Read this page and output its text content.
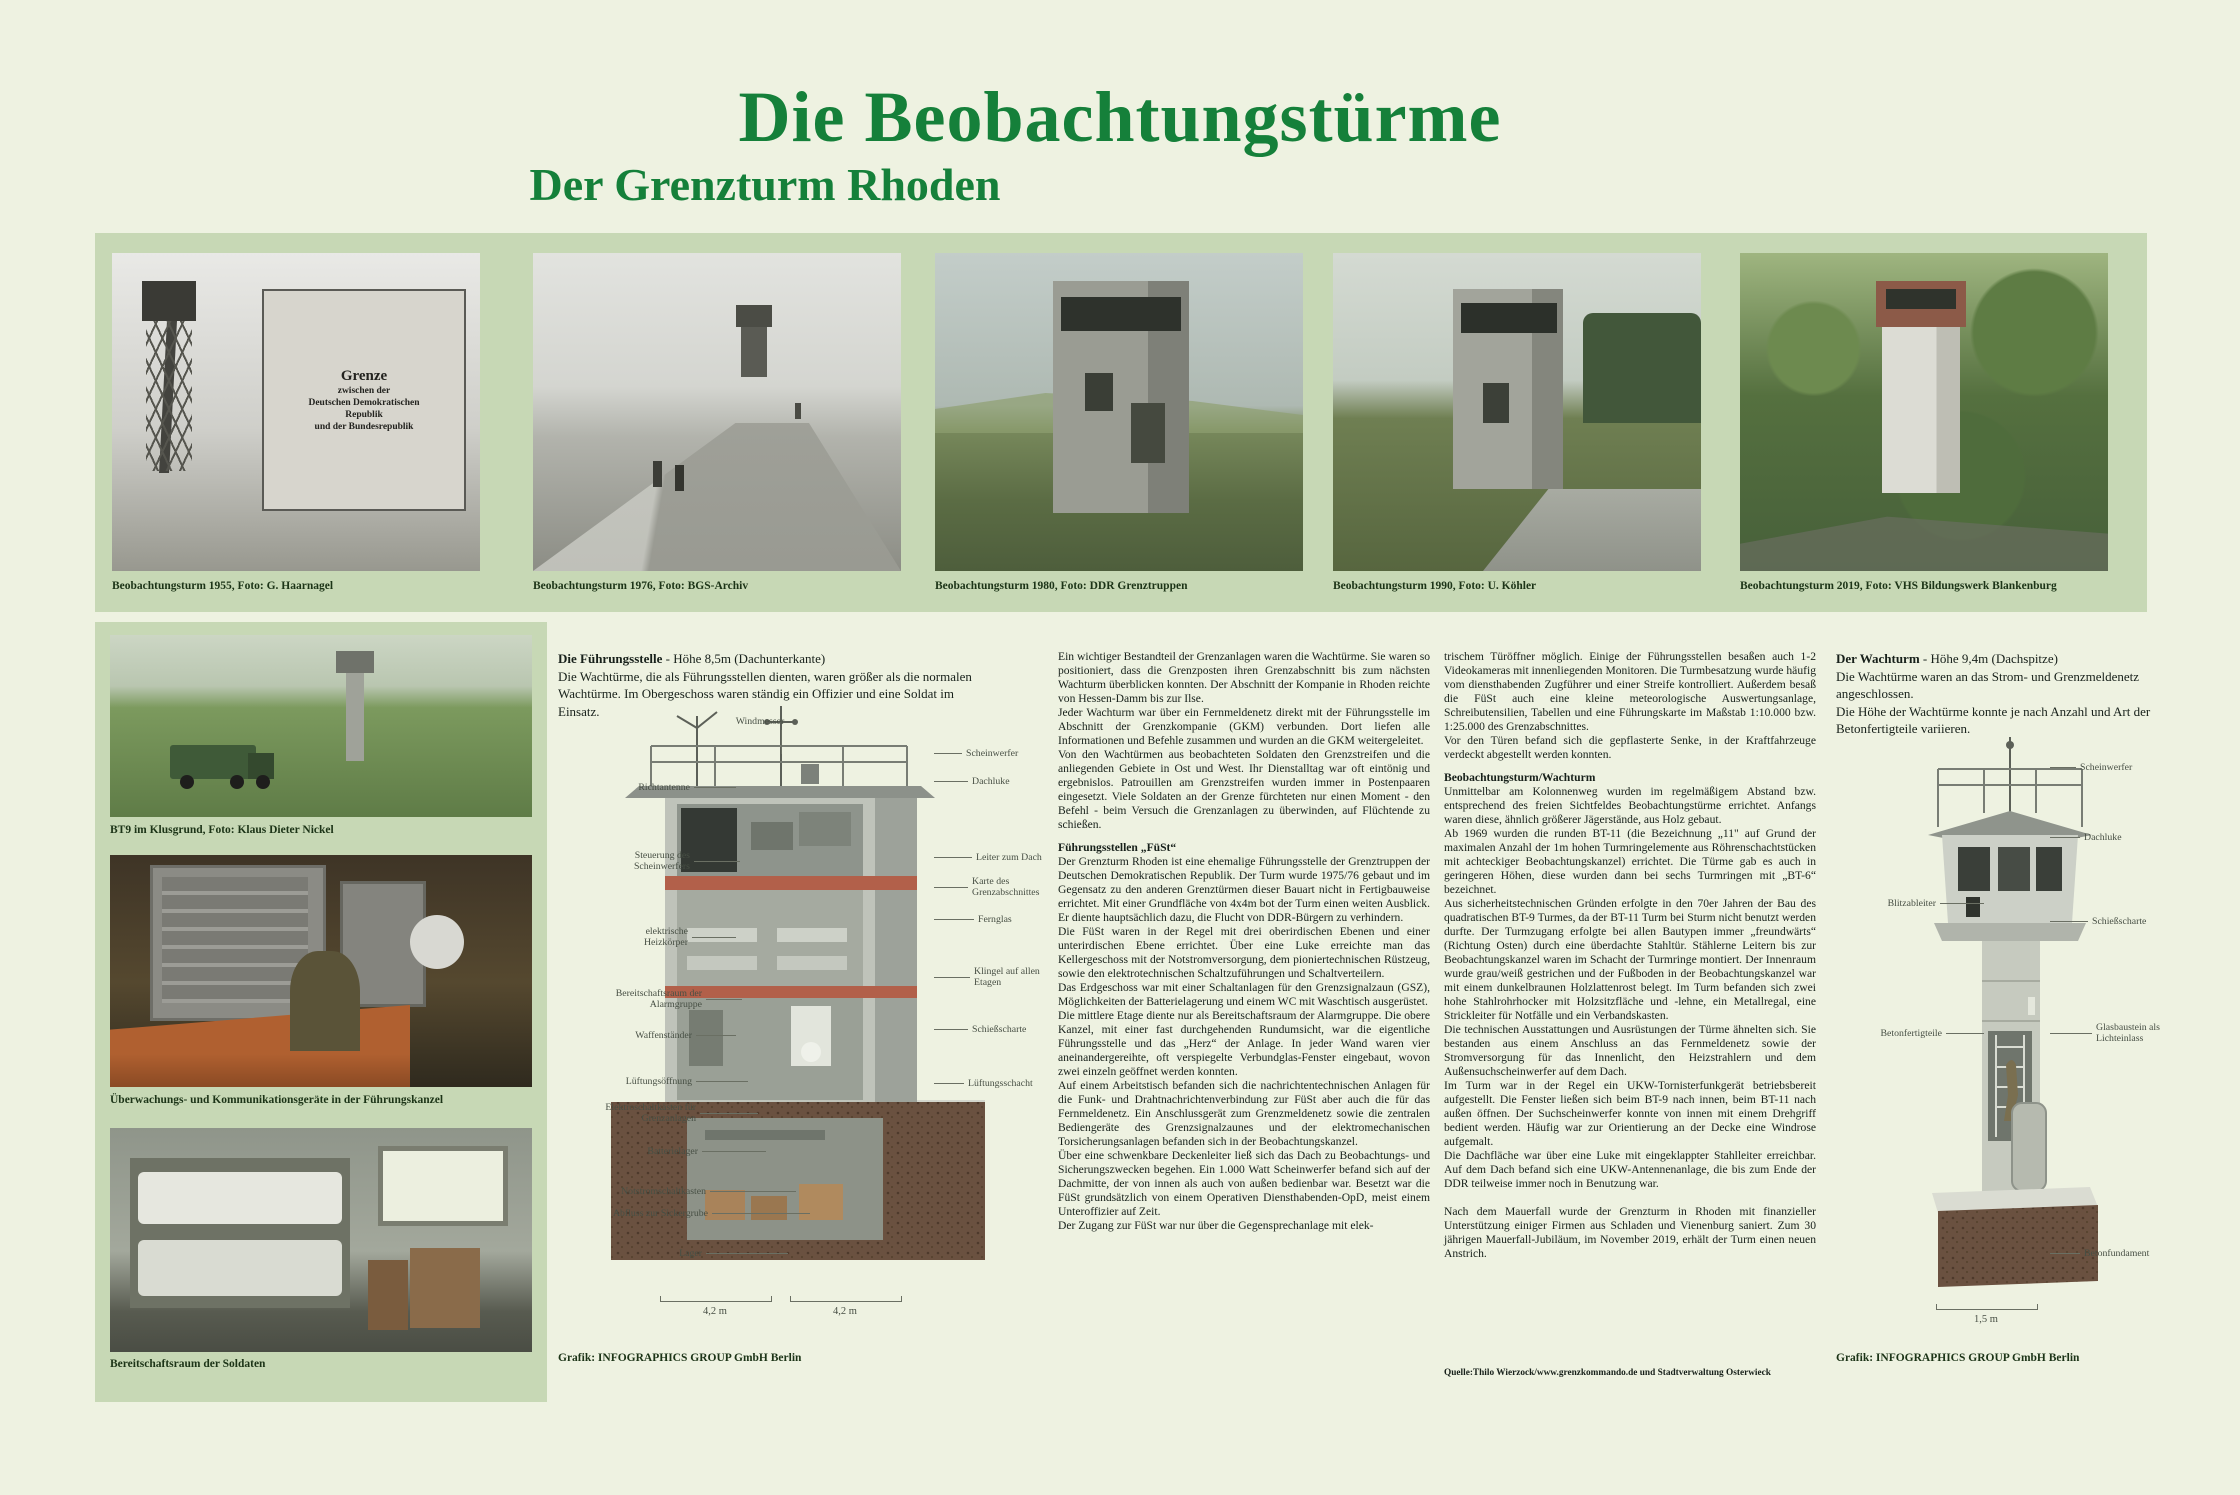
Die Beobachtungstürme
Der Grenzturm Rhoden
Grenze
zwischen der
Deutschen Demokratischen
Republik
und der Bundesrepublik
Beobachtungsturm 1955, Foto: G. Haarnagel	Beobachtungsturm 1976, Foto: BGS-Archiv	Beobachtungsturm 1980, Foto: DDR Grenztruppen	Beobachtungsturm 1990, Foto: U. Köhler	Beobachtungsturm 2019, Foto: VHS Bildungswerk Blankenburg
BT9 im Klusgrund, Foto: Klaus Dieter Nickel
Überwachungs- und Kommunikationsgeräte in der Führungskanzel
Bereitschaftsraum der Soldaten
Die Führungsstelle - Höhe 8,5m (Dachunterkante)
Die Wachtürme, die als Führungsstellen dienten, waren größer als die normalen Wachtürme. Im Obergeschoss waren ständig ein Offizier und eine Soldat im Einsatz.
Windmesser
Richtantenne
Steuerung des Scheinwerfers
elektrische Heizkörper
Bereitschaftsraum der Alarmgruppe
Waffenständer
Lüftungsöffnung
Elektroschaltkästen für Grenzanlagen
Batterielager
Notstromschaltkasten
Abfluss zur Sickergrube
Lager
Scheinwerfer
Dachluke
Leiter zum Dach
Karte des Grenzabschnittes
Fernglas
Klingel auf allen Etagen
Schießscharte
Lüftungsschacht
4,2 m	4,2 m
Grafik: INFOGRAPHICS GROUP GmbH Berlin

Ein wichtiger Bestandteil der Grenzanlagen waren die Wachtürme. Sie waren so positioniert, dass die Grenzposten ihren Grenzabschnitt bis zum nächsten Wachturm überblicken konnten. Der Abschnitt der Kompanie in Rhoden reichte von Hessen-Damm bis zur Ilse.

Jeder Wachturm war über ein Fernmeldenetz direkt mit der Führungsstelle im Abschnitt der Grenzkompanie (GKM) verbunden. Dort liefen alle Informationen und Befehle zusammen und wurden an die GKM weitergeleitet.

Von den Wachtürmen aus beobachteten Soldaten den Grenzstreifen und die anliegenden Gebiete in Ost und West. Ihr Dienstalltag war oft eintönig und ergebnislos. Patrouillen am Grenzstreifen wurden immer in Postenpaaren eingesetzt. Viele Soldaten an der Grenze fürchteten nur einen Moment - den Befehl - beim Versuch die Grenzanlagen zu überwinden, auf Flüchtende zu schießen.

Führungsstellen „FüSt“

Der Grenzturm Rhoden ist eine ehemalige Führungsstelle der Grenztruppen der Deutschen Demokratischen Republik. Der Turm wurde 1975/76 gebaut und im Gegensatz zu den anderen Grenztürmen dieser Bauart nicht in Fertigbauweise errichtet. Mit einer Grundfläche von 4x4m bot der Turm einen weiten Ausblick. Er diente hauptsächlich dazu, die Flucht von DDR-Bürgern zu verhindern.

Die FüSt waren in der Regel mit drei oberirdischen Ebenen und einer unterirdischen Ebene errichtet. Über eine Luke erreichte man das Kellergeschoss mit der Notstromversorgung, dem pioniertechnischen Rüstzeug, sowie den elektrotechnischen Schaltzuführungen und Schaltverteilern.

Das Erdgeschoss war mit einer Schaltanlagen für den Grenzsignalzaun (GSZ), Möglichkeiten der Batterielagerung und einem WC mit Waschtisch ausgerüstet.

Die mittlere Etage diente nur als Bereitschaftsraum der Alarmgruppe. Die obere Kanzel, mit einer fast durchgehenden Rundumsicht, war die eigentliche Führungsstelle und das „Herz“ der Anlage. In jeder Wand waren vier aneinandergereihte, oft verspiegelte Verbundglas-Fenster eingebaut, wovon zwei einzeln geöffnet werden konnten.

Auf einem Arbeitstisch befanden sich die nachrichtentechnischen Anlagen für die Funk- und Drahtnachrichtenverbindung zur FüSt aber auch die für das Fernmeldenetz. Ein Anschlussgerät zum Grenzmeldenetz sowie die zentralen Bediengeräte des Grenzsignalzaunes und der elektromechanischen Torsicherungsanlagen befanden sich in der Beobachtungskanzel.

Über eine schwenkbare Deckenleiter ließ sich das Dach zu Beobachtungs- und Sicherungszwecken begehen. Ein 1.000 Watt Scheinwerfer befand sich auf der Dachmitte, der von innen als auch von außen bedienbar war. Besetzt war die FüSt grundsätzlich von einem Operativen Diensthabenden-OpD, meist einem Unteroffizier auf Zeit.

Der Zugang zur FüSt war nur über die Gegensprechanlage mit elek-

trischem Türöffner möglich. Einige der Führungsstellen besaßen auch 1-2 Videokameras mit innenliegenden Monitoren. Die Turmbesatzung wurde häufig vom diensthabenden Zugführer und einer Streife kontrolliert. Außerdem besaß die FüSt auch eine kleine meteorologische Auswertungsanlage, Schreibutensilien, Tabellen und eine Führungskarte im Maßstab 1:10.000 bzw. 1:25.000 des Grenzabschnittes.

Vor den Türen befand sich die gepflasterte Senke, in der Kraftfahrzeuge verdeckt abgestellt werden konnten.

Beobachtungsturm/Wachturm

Unmittelbar am Kolonnenweg wurden im regelmäßigem Abstand bzw. entsprechend des freien Sichtfeldes Beobachtungstürme errichtet. Anfangs waren diese, ähnlich größerer Jägerstände, aus Holz gebaut.

Ab 1969 wurden die runden BT-11 (die Bezeichnung „11" auf Grund der maximalen Anzahl der 1m hohen Turmringelemente aus Röhrenschachtstücken mit achteckiger Beobachtungskanzel) errichtet. Die Türme gab es auch in geringeren Höhen, diese wurden dann bei sechs Turmringen mit „BT-6“ bezeichnet.

Aus sicherheitstechnischen Gründen erfolgte in den 70er Jahren der Bau des quadratischen BT-9 Turmes, da der BT-11 Turm bei Sturm nicht benutzt werden durfte. Der Turmzugang erfolgte bei allen Bautypen immer „freundwärts“ (Richtung Osten) durch eine überdachte Stahltür. Stählerne Leitern bis zur Beobachtungskanzel waren im Schacht der Turmringe montiert. Der Innenraum wurde grau/weiß gestrichen und der Fußboden in der Beobachtungskanzel war mit einem dunkelbraunen Holzlattenrost belegt. Im Turm befanden sich zwei hohe Stahlrohrhocker mit Holzsitzfläche und -lehne, ein Metallregal, eine Strickleiter für Notfälle und ein Verbandskasten.

Die technischen Ausstattungen und Ausrüstungen der Türme ähnelten sich. Sie bestanden aus einem Anschluss an das Fernmeldenetz sowie der Stromversorgung für das Innenlicht, den Heizstrahlern und dem Außensuchscheinwerfer auf dem Dach.

Im Turm war in der Regel ein UKW-Tornisterfunkgerät betriebsbereit aufgestellt. Die Fenster ließen sich beim BT-9 nach innen, beim BT-11 nach außen öffnen. Der Suchscheinwerfer konnte von innen mit einem Drehgriff bedient werden. Häufig war zur Orientierung an der Decke eine Windrose aufgemalt.

Die Dachfläche war über eine Luke mit eingeklappter Stahlleiter erreichbar. Auf dem Dach befand sich eine UKW-Antennenanlage, die bis zum Ende der DDR teilweise immer noch in Benutzung war.

Nach dem Mauerfall wurde der Grenzturm in Rhoden mit finanzieller Unterstützung einiger Firmen aus Schladen und Vienenburg saniert. Zum 30 jährigen Mauerfall-Jubiläum, im November 2019, erhält der Turm einen neuen Anstrich.

Quelle:Thilo Wierzock/www.grenzkommando.de und Stadtverwaltung Osterwieck
Der Wachturm - Höhe 9,4m (Dachspitze)
Die Wachtürme waren an das Strom- und Grenzmeldenetz angeschlossen.
Die Höhe der Wachtürme konnte je nach Anzahl und Art der Betonfertigteile variieren.
Scheinwerfer
Dachluke
Schießscharte
Glasbaustein als Lichteinlass
Betonfundament
Blitzableiter
Betonfertigteile
1,5 m
Grafik: INFOGRAPHICS GROUP GmbH Berlin
